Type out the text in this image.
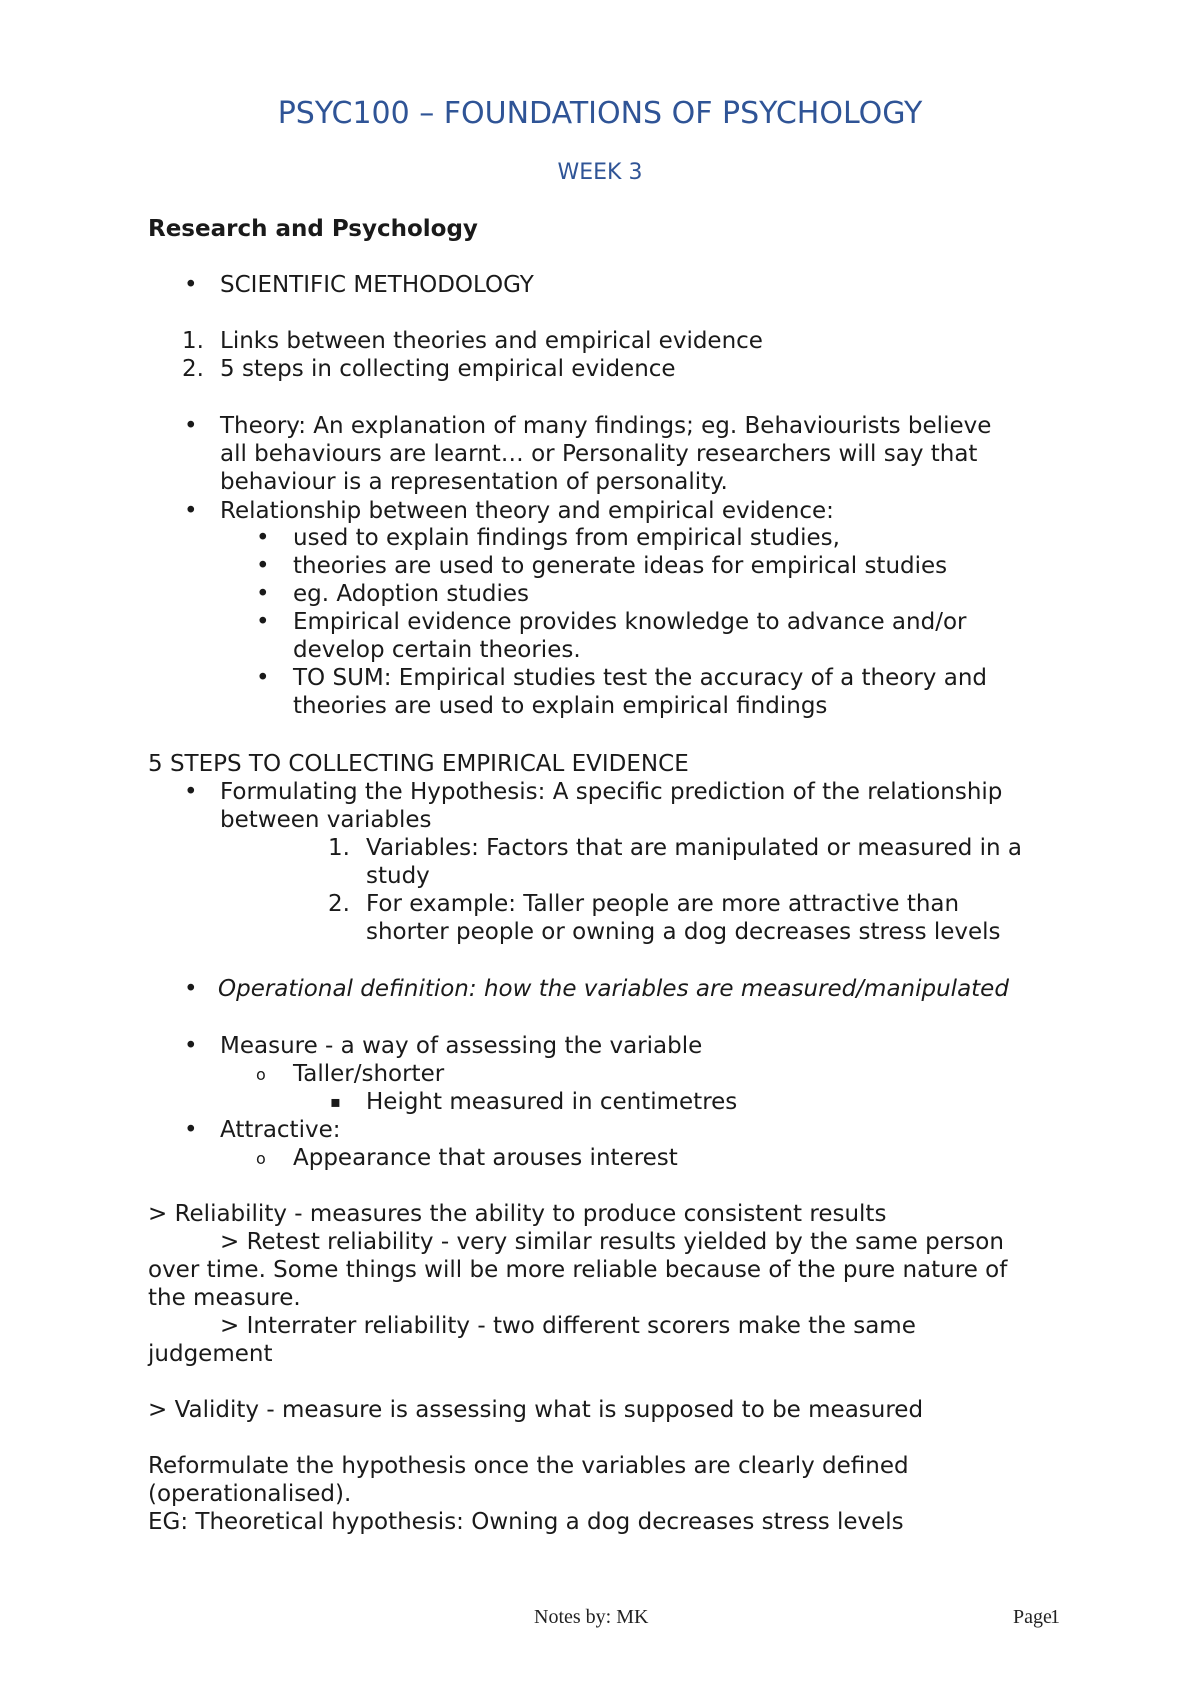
PSYC100 – FOUNDATIONS OF PSYCHOLOGY
WEEK 3
Research and Psychology
• SCIENTIFIC METHODOLOGY
1. Links between theories and empirical evidence
2. 5 steps in collecting empirical evidence
• Theory: An explanation of many findings; eg. Behaviourists believe
all behaviours are learnt… or Personality researchers will say that
behaviour is a representation of personality.
• Relationship between theory and empirical evidence:
• used to explain findings from empirical studies,
• theories are used to generate ideas for empirical studies
• eg. Adoption studies
• Empirical evidence provides knowledge to advance and/or
develop certain theories.
• TO SUM: Empirical studies test the accuracy of a theory and
theories are used to explain empirical findings
5 STEPS TO COLLECTING EMPIRICAL EVIDENCE
• Formulating the Hypothesis: A specific prediction of the relationship
between variables
1. Variables: Factors that are manipulated or measured in a
study
2. For example: Taller people are more attractive than
shorter people or owning a dog decreases stress levels
• Operational definition: how the variables are measured/manipulated
• Measure - a way of assessing the variable
o Taller/shorter
▪ Height measured in centimetres
• Attractive:
o Appearance that arouses interest
> Reliability - measures the ability to produce consistent results
> Retest reliability - very similar results yielded by the same person
over time. Some things will be more reliable because of the pure nature of
the measure.
> Interrater reliability - two different scorers make the same
judgement
> Validity - measure is assessing what is supposed to be measured
Reformulate the hypothesis once the variables are clearly defined
(operationalised).
EG: Theoretical hypothesis: Owning a dog decreases stress levels
Notes by: MK	Page
1
